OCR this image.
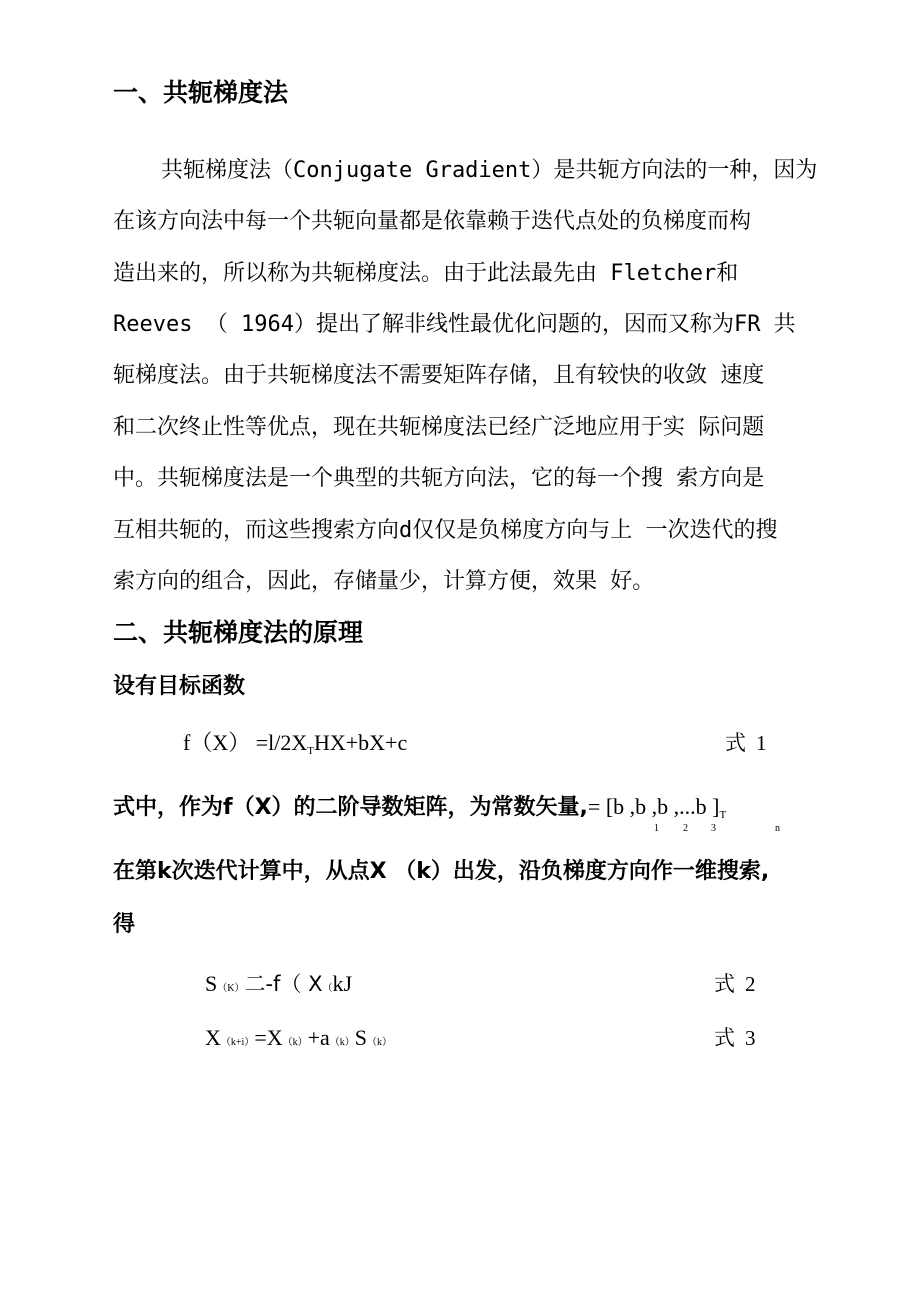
一、共轭梯度法
共轭梯度法（Conjugate Gradient）是共轭方向法的一种，因为
在该方向法中每一个共轭向量都是依靠赖于迭代点处的负梯度而构
造出来的，所以称为共轭梯度法。由于此法最先由 Fletcher和
Reeves （ 1964）提出了解非线性最优化问题的，因而又称为FR 共
轭梯度法。由于共轭梯度法不需要矩阵存储，且有较快的收敛 速度
和二次终止性等优点，现在共轭梯度法已经广泛地应用于实 际问题
中。共轭梯度法是一个典型的共轭方向法，它的每一个搜 索方向是
互相共轭的，而这些搜索方向d仅仅是负梯度方向与上 一次迭代的搜
索方向的组合，因此，存储量少，计算方便，效果 好。
二、共轭梯度法的原理
设有目标函数
$f(X) =l/2X_THX+bX+c$	式 1
式中，作为f（X）的二阶导数矩阵，为常数矢量,= [b ,b ,b ,...b ]$_T$
1 2 3	n
在第k次迭代计算中，从点X （k）出发，沿负梯度方向作一维搜索,
得
S（K）二-f（ X（kJ	式 2
X（k+i）=X（k）+a（k）S（k）	式 3
